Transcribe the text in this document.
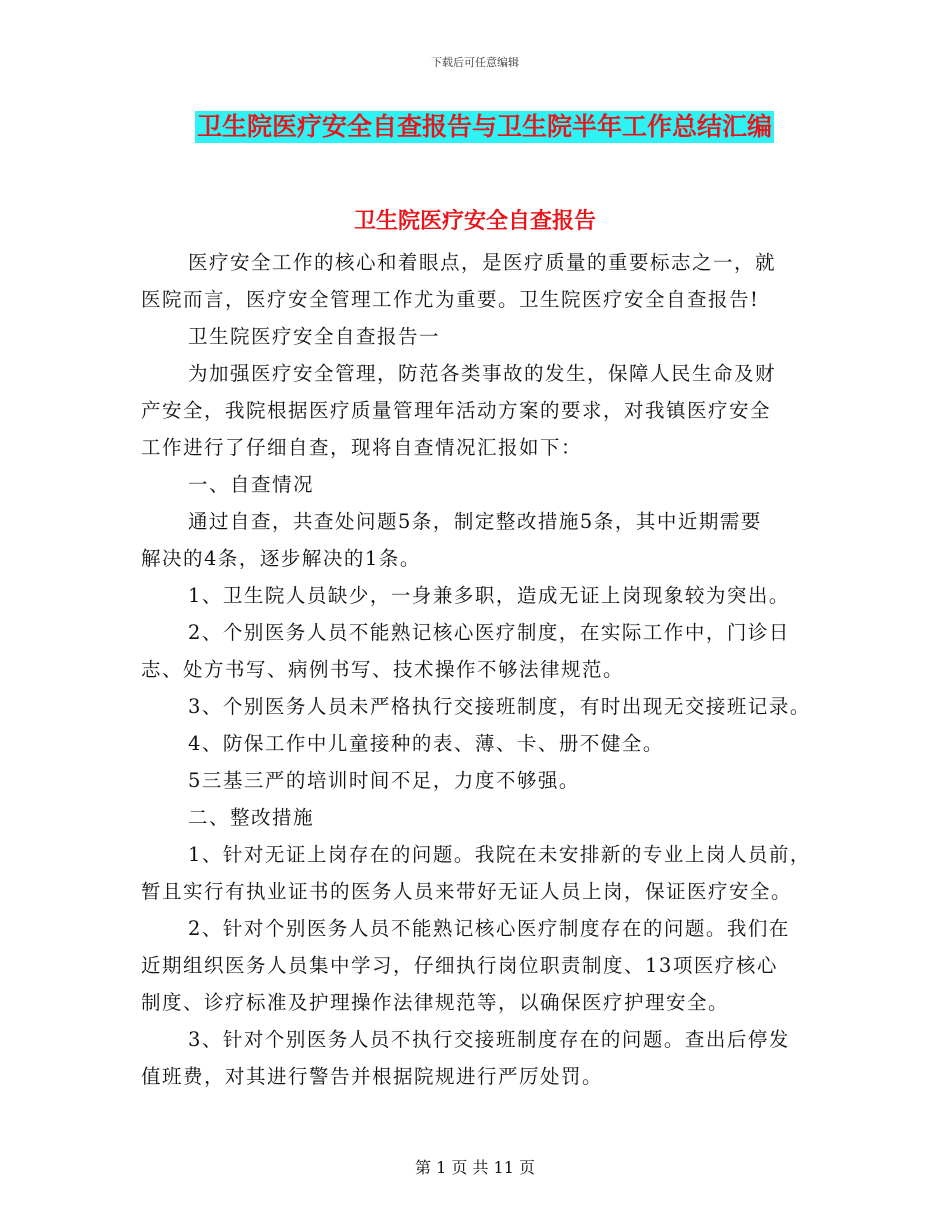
下载后可任意编辑
卫生院医疗安全自查报告与卫生院半年工作总结汇编
卫生院医疗安全自查报告
医疗安全工作的核心和着眼点，是医疗质量的重要标志之一，就
医院而言，医疗安全管理工作尤为重要。卫生院医疗安全自查报告!
卫生院医疗安全自查报告一
为加强医疗安全管理，防范各类事故的发生，保障人民生命及财
产安全，我院根据医疗质量管理年活动方案的要求，对我镇医疗安全
工作进行了仔细自查，现将自查情况汇报如下：
一、自查情况
通过自查，共查处问题5条，制定整改措施5条，其中近期需要
解决的4条，逐步解决的1条。
1、卫生院人员缺少，一身兼多职，造成无证上岗现象较为突出。
2、个别医务人员不能熟记核心医疗制度，在实际工作中，门诊日
志、处方书写、病例书写、技术操作不够法律规范。
3、个别医务人员未严格执行交接班制度，有时出现无交接班记录。
4、防保工作中儿童接种的表、薄、卡、册不健全。
5三基三严的培训时间不足，力度不够强。
二、整改措施
1、针对无证上岗存在的问题。我院在未安排新的专业上岗人员前，
暂且实行有执业证书的医务人员来带好无证人员上岗，保证医疗安全。
2、针对个别医务人员不能熟记核心医疗制度存在的问题。我们在
近期组织医务人员集中学习，仔细执行岗位职责制度、13项医疗核心
制度、诊疗标准及护理操作法律规范等，以确保医疗护理安全。
3、针对个别医务人员不执行交接班制度存在的问题。查出后停发
值班费，对其进行警告并根据院规进行严厉处罚。
第 1 页 共 11 页
